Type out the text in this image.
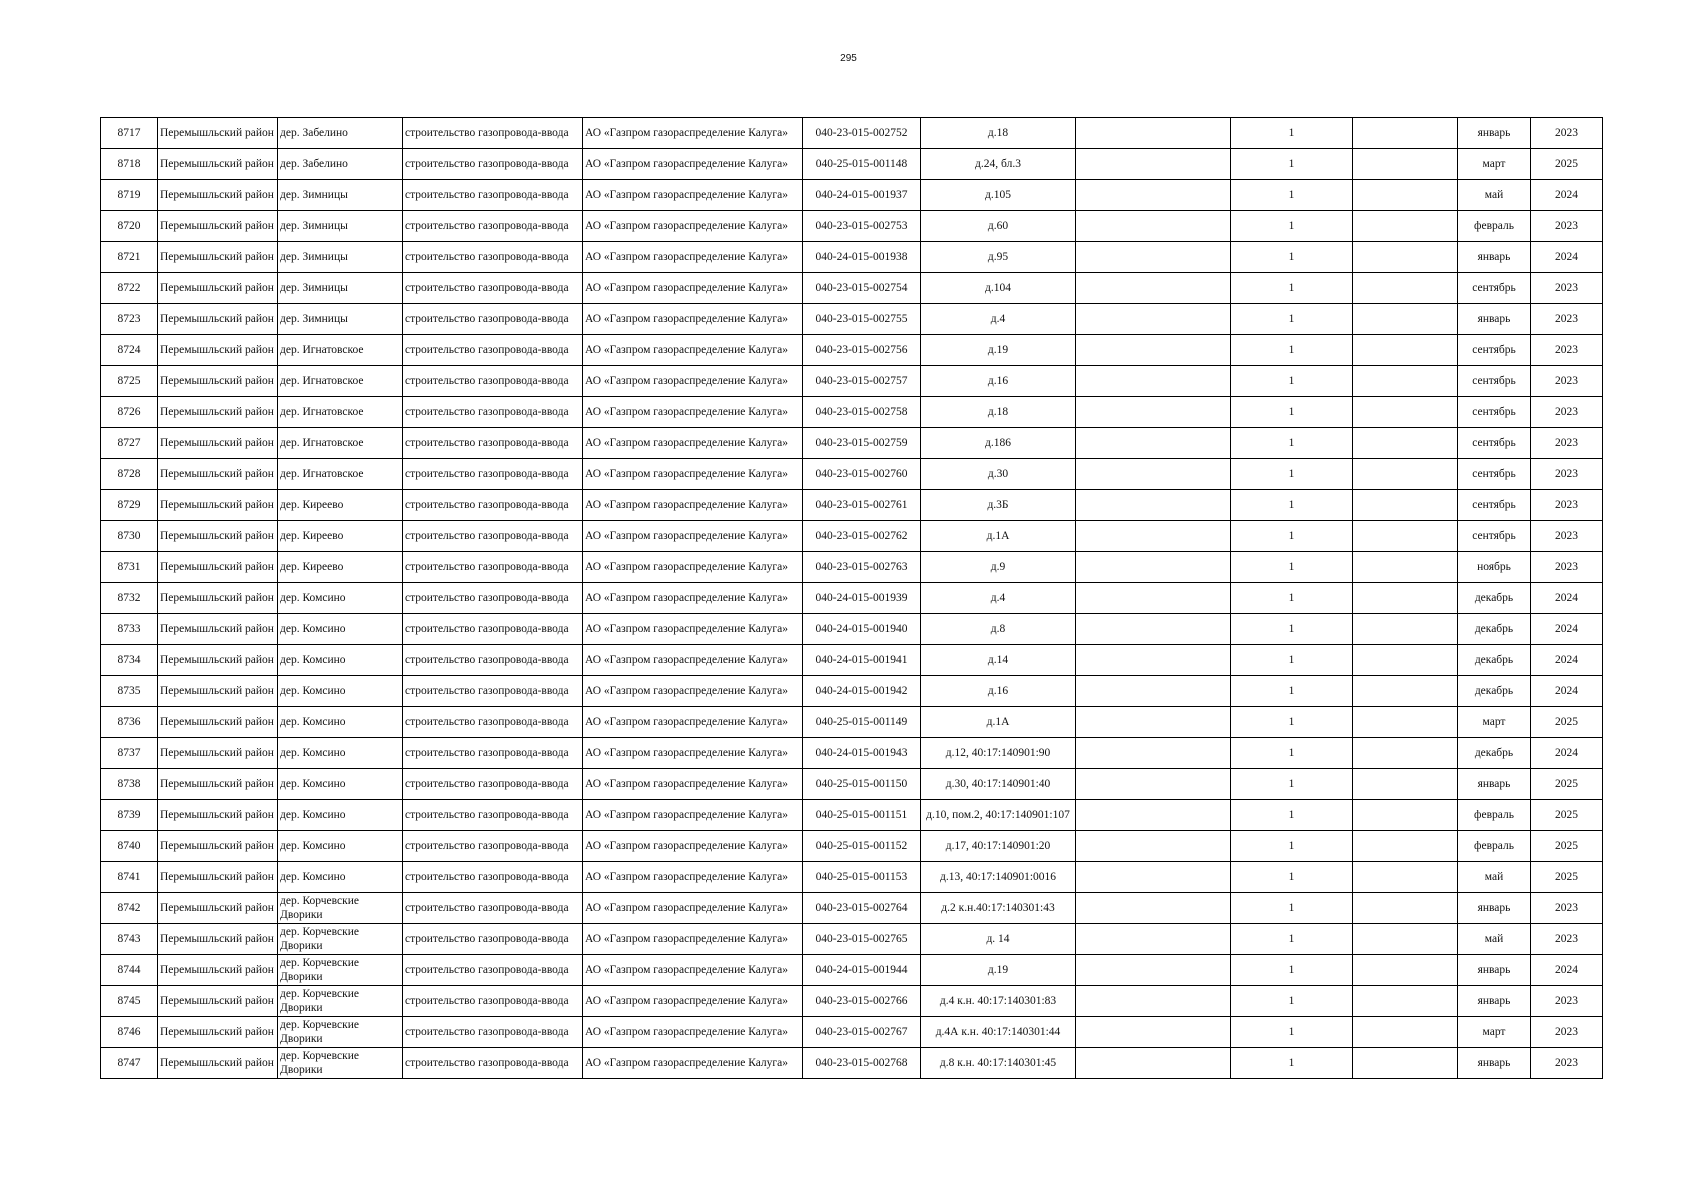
295
8717	Перемышльский район	дер. Забелино	строительство газопровода-ввода	АО «Газпром газораспределение Калуга»	040-23-015-002752	д.18		1		январь	2023
8718	Перемышльский район	дер. Забелино	строительство газопровода-ввода	АО «Газпром газораспределение Калуга»	040-25-015-001148	д.24, бл.3		1		март	2025
8719	Перемышльский район	дер. Зимницы	строительство газопровода-ввода	АО «Газпром газораспределение Калуга»	040-24-015-001937	д.105		1		май	2024
8720	Перемышльский район	дер. Зимницы	строительство газопровода-ввода	АО «Газпром газораспределение Калуга»	040-23-015-002753	д.60		1		февраль	2023
8721	Перемышльский район	дер. Зимницы	строительство газопровода-ввода	АО «Газпром газораспределение Калуга»	040-24-015-001938	д.95		1		январь	2024
8722	Перемышльский район	дер. Зимницы	строительство газопровода-ввода	АО «Газпром газораспределение Калуга»	040-23-015-002754	д.104		1		сентябрь	2023
8723	Перемышльский район	дер. Зимницы	строительство газопровода-ввода	АО «Газпром газораспределение Калуга»	040-23-015-002755	д.4		1		январь	2023
8724	Перемышльский район	дер. Игнатовское	строительство газопровода-ввода	АО «Газпром газораспределение Калуга»	040-23-015-002756	д.19		1		сентябрь	2023
8725	Перемышльский район	дер. Игнатовское	строительство газопровода-ввода	АО «Газпром газораспределение Калуга»	040-23-015-002757	д.16		1		сентябрь	2023
8726	Перемышльский район	дер. Игнатовское	строительство газопровода-ввода	АО «Газпром газораспределение Калуга»	040-23-015-002758	д.18		1		сентябрь	2023
8727	Перемышльский район	дер. Игнатовское	строительство газопровода-ввода	АО «Газпром газораспределение Калуга»	040-23-015-002759	д.186		1		сентябрь	2023
8728	Перемышльский район	дер. Игнатовское	строительство газопровода-ввода	АО «Газпром газораспределение Калуга»	040-23-015-002760	д.30		1		сентябрь	2023
8729	Перемышльский район	дер. Киреево	строительство газопровода-ввода	АО «Газпром газораспределение Калуга»	040-23-015-002761	д.3Б		1		сентябрь	2023
8730	Перемышльский район	дер. Киреево	строительство газопровода-ввода	АО «Газпром газораспределение Калуга»	040-23-015-002762	д.1А		1		сентябрь	2023
8731	Перемышльский район	дер. Киреево	строительство газопровода-ввода	АО «Газпром газораспределение Калуга»	040-23-015-002763	д.9		1		ноябрь	2023
8732	Перемышльский район	дер. Комсино	строительство газопровода-ввода	АО «Газпром газораспределение Калуга»	040-24-015-001939	д.4		1		декабрь	2024
8733	Перемышльский район	дер. Комсино	строительство газопровода-ввода	АО «Газпром газораспределение Калуга»	040-24-015-001940	д.8		1		декабрь	2024
8734	Перемышльский район	дер. Комсино	строительство газопровода-ввода	АО «Газпром газораспределение Калуга»	040-24-015-001941	д.14		1		декабрь	2024
8735	Перемышльский район	дер. Комсино	строительство газопровода-ввода	АО «Газпром газораспределение Калуга»	040-24-015-001942	д.16		1		декабрь	2024
8736	Перемышльский район	дер. Комсино	строительство газопровода-ввода	АО «Газпром газораспределение Калуга»	040-25-015-001149	д.1А		1		март	2025
8737	Перемышльский район	дер. Комсино	строительство газопровода-ввода	АО «Газпром газораспределение Калуга»	040-24-015-001943	д.12, 40:17:140901:90		1		декабрь	2024
8738	Перемышльский район	дер. Комсино	строительство газопровода-ввода	АО «Газпром газораспределение Калуга»	040-25-015-001150	д.30, 40:17:140901:40		1		январь	2025
8739	Перемышльский район	дер. Комсино	строительство газопровода-ввода	АО «Газпром газораспределение Калуга»	040-25-015-001151	д.10, пом.2, 40:17:140901:107		1		февраль	2025
8740	Перемышльский район	дер. Комсино	строительство газопровода-ввода	АО «Газпром газораспределение Калуга»	040-25-015-001152	д.17, 40:17:140901:20		1		февраль	2025
8741	Перемышльский район	дер. Комсино	строительство газопровода-ввода	АО «Газпром газораспределение Калуга»	040-25-015-001153	д.13, 40:17:140901:0016		1		май	2025
8742	Перемышльский район	дер. Корчевские Дворики	строительство газопровода-ввода	АО «Газпром газораспределение Калуга»	040-23-015-002764	д.2 к.н.40:17:140301:43		1		январь	2023
8743	Перемышльский район	дер. Корчевские Дворики	строительство газопровода-ввода	АО «Газпром газораспределение Калуга»	040-23-015-002765	д. 14		1		май	2023
8744	Перемышльский район	дер. Корчевские Дворики	строительство газопровода-ввода	АО «Газпром газораспределение Калуга»	040-24-015-001944	д.19		1		январь	2024
8745	Перемышльский район	дер. Корчевские Дворики	строительство газопровода-ввода	АО «Газпром газораспределение Калуга»	040-23-015-002766	д.4 к.н. 40:17:140301:83		1		январь	2023
8746	Перемышльский район	дер. Корчевские Дворики	строительство газопровода-ввода	АО «Газпром газораспределение Калуга»	040-23-015-002767	д.4А к.н. 40:17:140301:44		1		март	2023
8747	Перемышльский район	дер. Корчевские Дворики	строительство газопровода-ввода	АО «Газпром газораспределение Калуга»	040-23-015-002768	д.8 к.н. 40:17:140301:45		1		январь	2023
